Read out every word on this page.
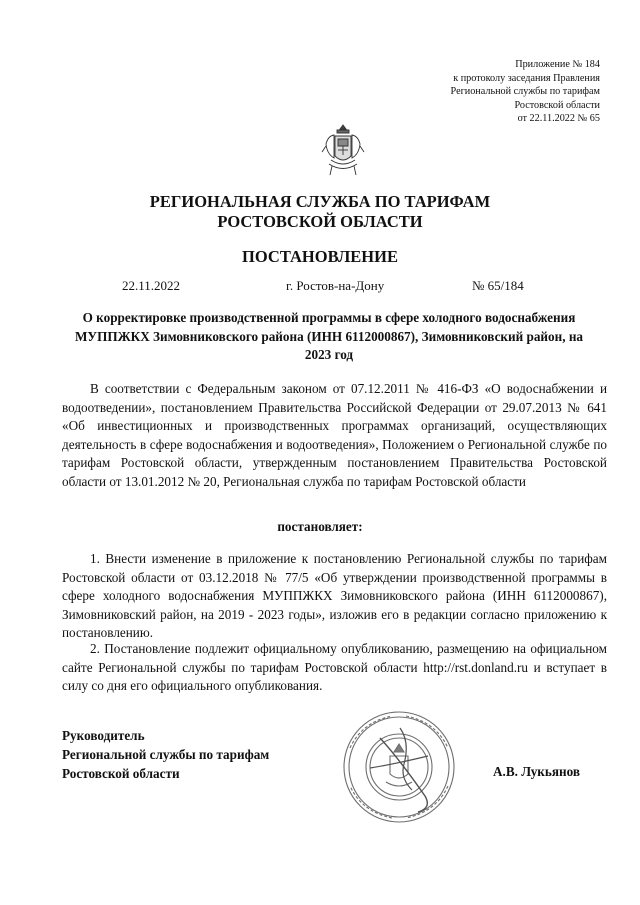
Приложение № 184
к протоколу заседания Правления
Региональной службы по тарифам
Ростовской области
от 22.11.2022 № 65
РЕГИОНАЛЬНАЯ СЛУЖБА ПО ТАРИФАМ
РОСТОВСКОЙ ОБЛАСТИ
ПОСТАНОВЛЕНИЕ
22.11.2022	г. Ростов-на-Дону	№ 65/184
О корректировке производственной программы в сфере холодного водоснабжения МУППЖКХ Зимовниковского района (ИНН 6112000867), Зимовниковский район, на 2023 год
В соответствии с Федеральным законом от 07.12.2011 № 416-ФЗ «О водоснабжении и водоотведении», постановлением Правительства Российской Федерации от 29.07.2013 № 641 «Об инвестиционных и производственных программах организаций, осуществляющих деятельность в сфере водоснабжения и водоотведения», Положением о Региональной службе по тарифам Ростовской области, утвержденным постановлением Правительства Ростовской области от 13.01.2012 № 20, Региональная служба по тарифам Ростовской области
постановляет:
1. Внести изменение в приложение к постановлению Региональной службы по тарифам Ростовской области от 03.12.2018 № 77/5 «Об утверждении производственной программы в сфере холодного водоснабжения МУППЖКХ Зимовниковского района (ИНН 6112000867), Зимовниковский район, на 2019 - 2023 годы», изложив его в редакции согласно приложению к постановлению.
2. Постановление подлежит официальному опубликованию, размещению на официальном сайте Региональной службы по тарифам Ростовской области http://rst.donland.ru и вступает в силу со дня его официального опубликования.
Руководитель
Региональной службы по тарифам
Ростовской области	А.В. Лукьянов
